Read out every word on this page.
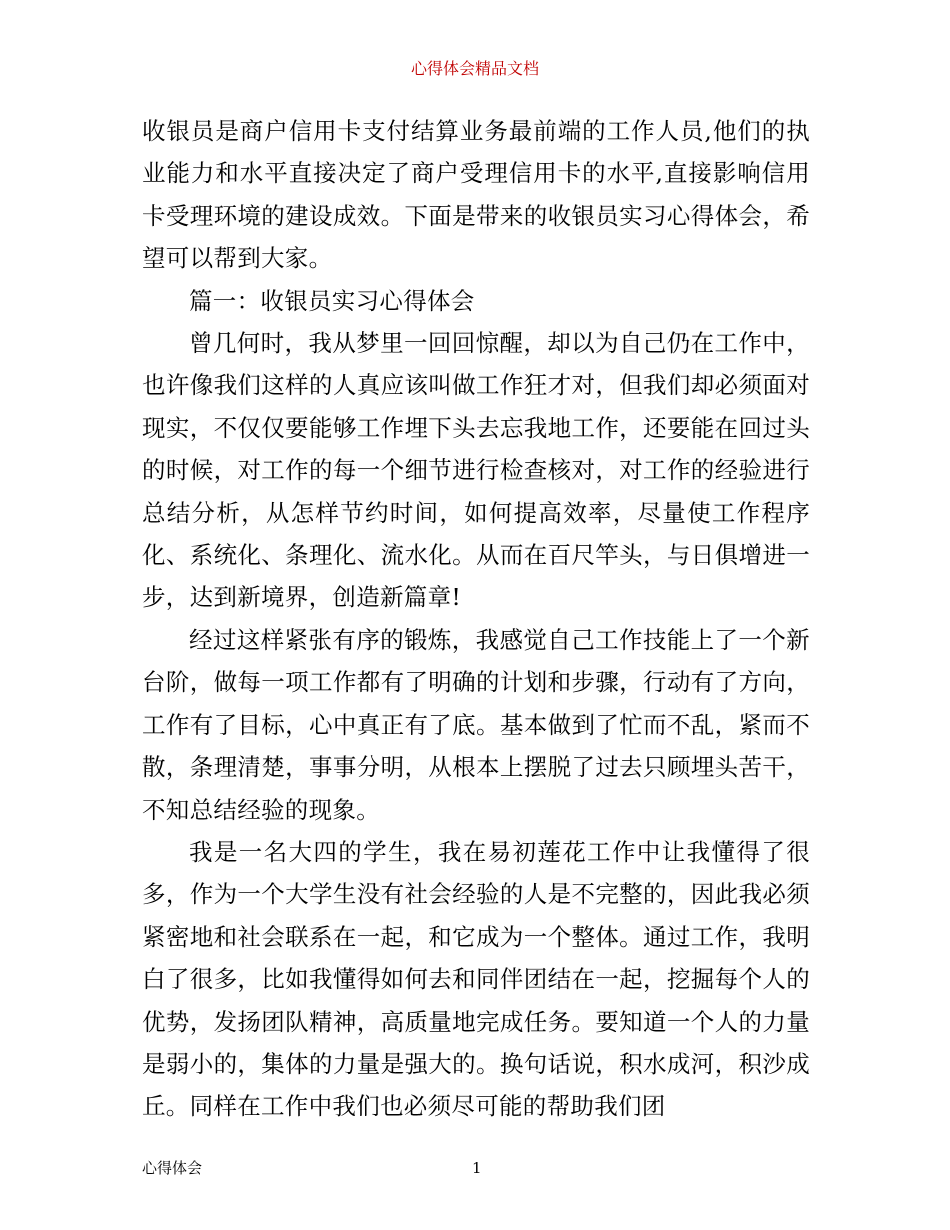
心得体会精品文档

收银员是商户信用卡支付结算业务最前端的工作人员,他们的执业能力和水平直接决定了商户受理信用卡的水平,直接影响信用卡受理环境的建设成效。下面是带来的收银员实习心得体会，希望可以帮到大家。

篇一：收银员实习心得体会

曾几何时，我从梦里一回回惊醒，却以为自己仍在工作中，也许像我们这样的人真应该叫做工作狂才对，但我们却必须面对现实，不仅仅要能够工作埋下头去忘我地工作，还要能在回过头的时候，对工作的每一个细节进行检查核对，对工作的经验进行总结分析，从怎样节约时间，如何提高效率，尽量使工作程序化、系统化、条理化、流水化。从而在百尺竿头，与日俱增进一步，达到新境界，创造新篇章!

经过这样紧张有序的锻炼，我感觉自己工作技能上了一个新台阶，做每一项工作都有了明确的计划和步骤，行动有了方向，工作有了目标，心中真正有了底。基本做到了忙而不乱，紧而不散，条理清楚，事事分明，从根本上摆脱了过去只顾埋头苦干，不知总结经验的现象。

我是一名大四的学生，我在易初莲花工作中让我懂得了很多，作为一个大学生没有社会经验的人是不完整的，因此我必须紧密地和社会联系在一起，和它成为一个整体。通过工作，我明白了很多，比如我懂得如何去和同伴团结在一起，挖掘每个人的优势，发扬团队精神，高质量地完成任务。要知道一个人的力量是弱小的，集体的力量是强大的。换句话说，积水成河，积沙成丘。同样在工作中我们也必须尽可能的帮助我们团

心得体会	1
